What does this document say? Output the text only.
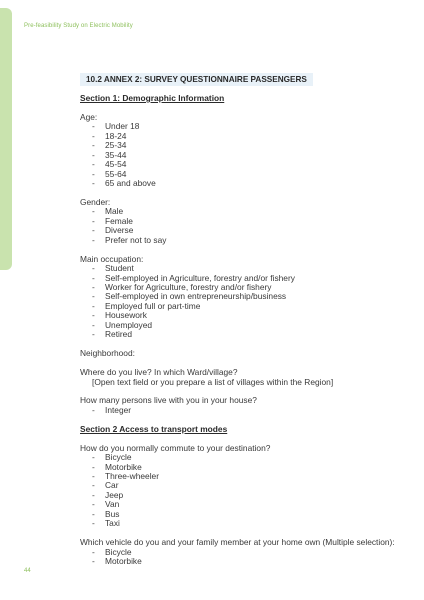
Pre-feasibility Study on Electric Mobility
10.2 ANNEX 2: SURVEY QUESTIONNAIRE PASSENGERS

Section 1: Demographic Information

Age:

- Under 18
- 18-24
- 25-34
- 35-44
- 45-54
- 55-64
- 65 and above

Gender:

- Male
- Female
- Diverse
- Prefer not to say

Main occupation:

- Student
- Self-employed in Agriculture, forestry and/or fishery
- Worker for Agriculture, forestry and/or fishery
- Self-employed in own entrepreneurship/business
- Employed full or part-time
- Housework
- Unemployed
- Retired

Neighborhood:

Where do you live? In which Ward/village?

[Open text field or you prepare a list of villages within the Region]

How many persons live with you in your house?

- Integer

Section 2 Access to transport modes

How do you normally commute to your destination?

- Bicycle
- Motorbike
- Three-wheeler
- Car
- Jeep
- Van
- Bus
- Taxi

Which vehicle do you and your family member at your home own (Multiple selection):

- Bicycle
- Motorbike
44
